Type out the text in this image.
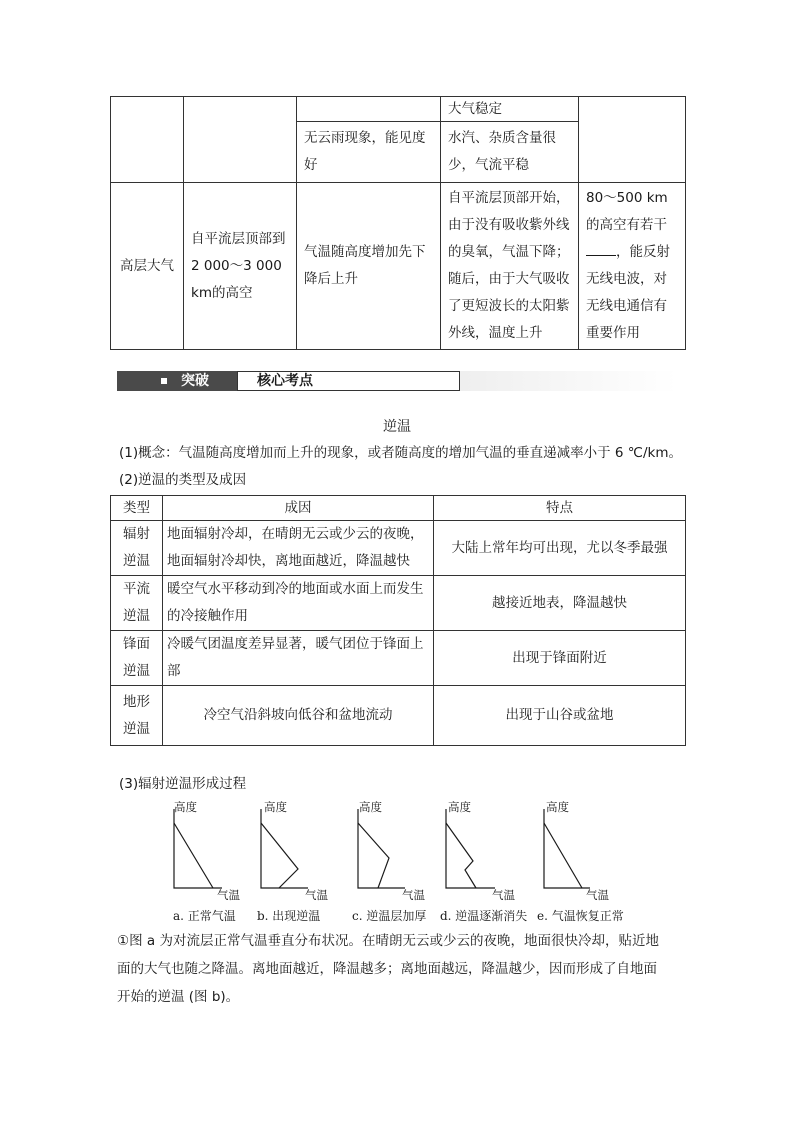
			大气稳定	
		无云雨现象，能见度好	水汽、杂质含量很少，气流平稳	
高层大气	自平流层顶部到2 000～3 000 km的高空	气温随高度增加先下降后上升	自平流层顶部开始，由于没有吸收紫外线的臭氧，气温下降；随后，由于大气吸收了更短波长的太阳紫外线，温度上升	80～500 km 的高空有若干，能反射无线电波，对无线电通信有重要作用
突破	核心考点
逆温
(1)概念：气温随高度增加而上升的现象，或者随高度的增加气温的垂直递减率小于 6 ℃/km。
(2)逆温的类型及成因
类型	成因	特点
辐射逆温	地面辐射冷却，在晴朗无云或少云的夜晚，地面辐射冷却快，离地面越近，降温越快	大陆上常年均可出现，尤以冬季最强
平流逆温	暖空气水平移动到冷的地面或水面上而发生的冷接触作用	越接近地表，降温越快
锋面逆温	冷暖气团温度差异显著，暖气团位于锋面上部	出现于锋面附近
地形逆温	冷空气沿斜坡向低谷和盆地流动	出现于山谷或盆地
(3)辐射逆温形成过程
高度
气温
高度
气温
高度
气温
高度
气温
高度
气温
a. 正常气温 b. 出现逆温	c. 逆温层加厚 d. 逆温逐渐消失 e. 气温恢复正常
①图 a 为对流层正常气温垂直分布状况。在晴朗无云或少云的夜晚，地面很快冷却，贴近地
面的大气也随之降温。离地面越近，降温越多；离地面越远，降温越少，因而形成了自地面
开始的逆温 (图 b)。
